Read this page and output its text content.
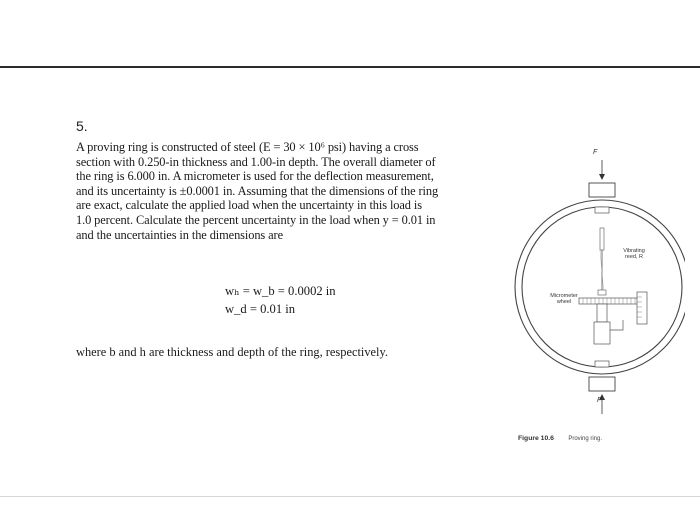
5.
A proving ring is constructed of steel (E = 30 × 10⁶ psi) having a cross
section with 0.250-in thickness and 1.00-in depth. The overall diameter of
the ring is 6.000 in. A micrometer is used for the deflection measurement,
and its uncertainty is ±0.0001 in. Assuming that the dimensions of the ring
are exact, calculate the applied load when the uncertainty in this load is
1.0 percent. Calculate the percent uncertainty in the load when y = 0.01 in
and the uncertainties in the dimensions are
wₕ = w_b = 0.0002 in
w_d = 0.01 in
where b and h are thickness and depth of the ring, respectively.
F
Vibrating reed, R
Micrometer wheel
F
Figure 10.6 Proving ring.
